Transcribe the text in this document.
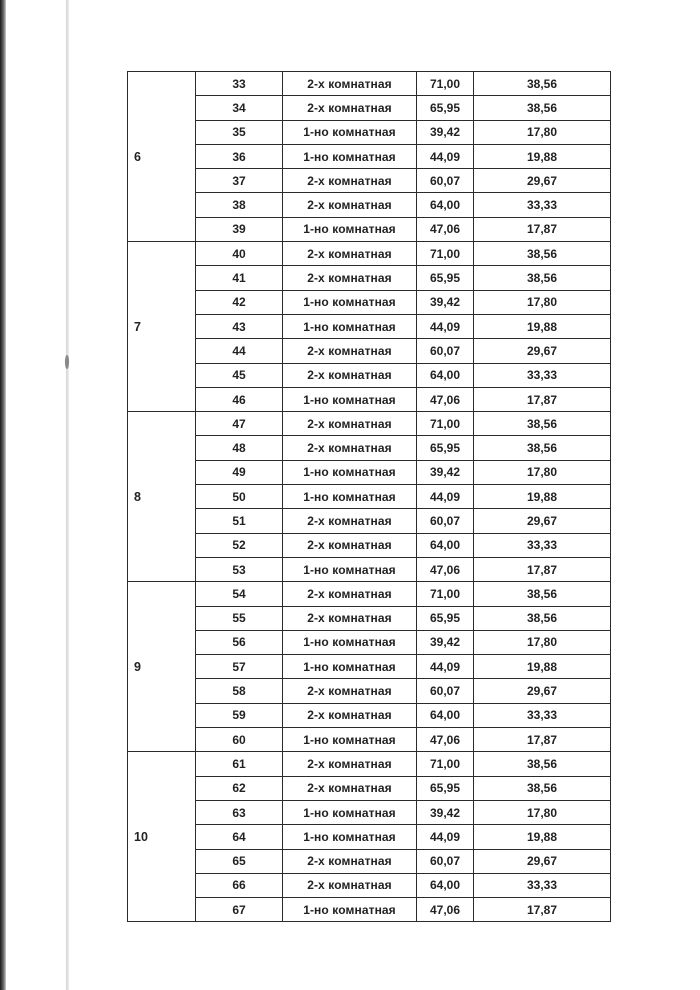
6	33	2-х комнатная	71,00	38,56
	34	2-х комнатная	65,95	38,56
	35	1-но комнатная	39,42	17,80
	36	1-но комнатная	44,09	19,88
	37	2-х комнатная	60,07	29,67
	38	2-х комнатная	64,00	33,33
	39	1-но комнатная	47,06	17,87
7	40	2-х комнатная	71,00	38,56
	41	2-х комнатная	65,95	38,56
	42	1-но комнатная	39,42	17,80
	43	1-но комнатная	44,09	19,88
	44	2-х комнатная	60,07	29,67
	45	2-х комнатная	64,00	33,33
	46	1-но комнатная	47,06	17,87
8	47	2-х комнатная	71,00	38,56
	48	2-х комнатная	65,95	38,56
	49	1-но комнатная	39,42	17,80
	50	1-но комнатная	44,09	19,88
	51	2-х комнатная	60,07	29,67
	52	2-х комнатная	64,00	33,33
	53	1-но комнатная	47,06	17,87
9	54	2-х комнатная	71,00	38,56
	55	2-х комнатная	65,95	38,56
	56	1-но комнатная	39,42	17,80
	57	1-но комнатная	44,09	19,88
	58	2-х комнатная	60,07	29,67
	59	2-х комнатная	64,00	33,33
	60	1-но комнатная	47,06	17,87
10	61	2-х комнатная	71,00	38,56
	62	2-х комнатная	65,95	38,56
	63	1-но комнатная	39,42	17,80
	64	1-но комнатная	44,09	19,88
	65	2-х комнатная	60,07	29,67
	66	2-х комнатная	64,00	33,33
	67	1-но комнатная	47,06	17,87
